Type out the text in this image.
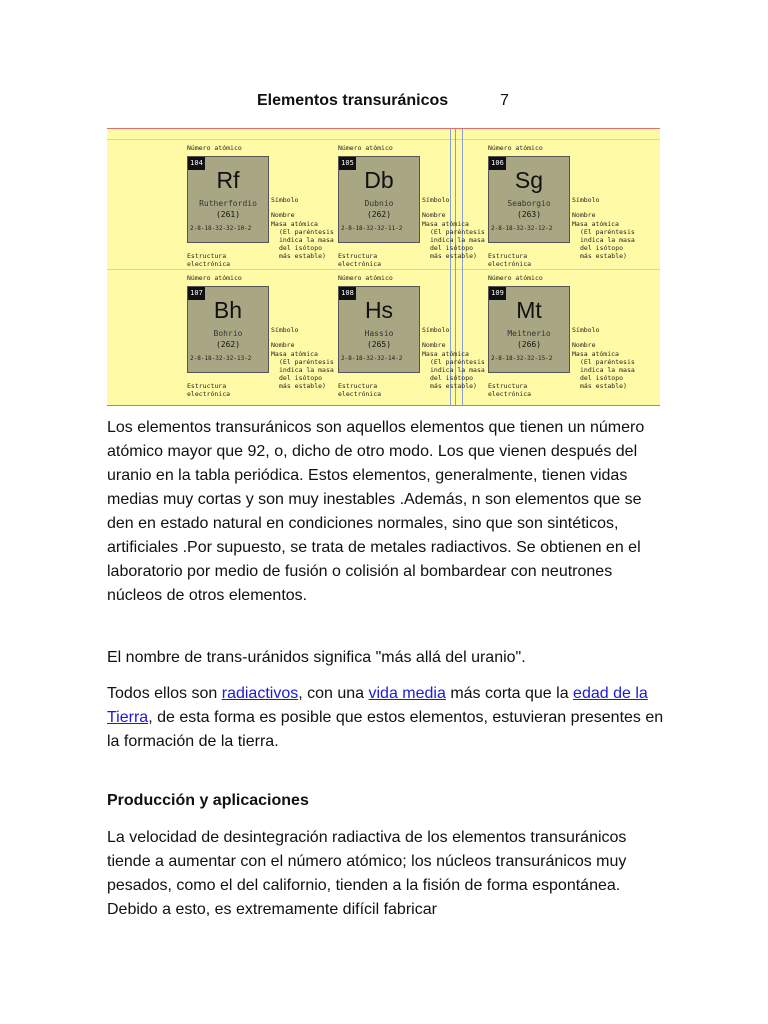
Elementos transuránicos	7
Número atómico
104
Rf
Rutherfordio
(261)
2-8-18-32-32-10-2
Símbolo
Nombre
Masa atómica
(El paréntesis
indica la masa
del isótopo
más estable)
Estructura
electrónica
Número atómico
105
Db
Dubnio
(262)
2-8-18-32-32-11-2
Símbolo
Nombre
Masa atómica
(El paréntesis
indica la masa
del isótopo
más estable)
Estructura
electrónica
Número atómico
106
Sg
Seaborgio
(263)
2-8-18-32-32-12-2
Símbolo
Nombre
Masa atómica
(El paréntesis
indica la masa
del isótopo
más estable)
Estructura
electrónica
Número atómico
107
Bh
Bohrio
(262)
2-8-18-32-32-13-2
Símbolo
Nombre
Masa atómica
(El paréntesis
indica la masa
del isótopo
más estable)
Estructura
electrónica
Número atómico
108
Hs
Hassio
(265)
2-8-18-32-32-14-2
Símbolo
Nombre
Masa atómica
(El paréntesis
indica la masa
del isótopo
más estable)
Estructura
electrónica
Número atómico
109
Mt
Meitnerio
(266)
2-8-18-32-32-15-2
Símbolo
Nombre
Masa atómica
(El paréntesis
indica la masa
del isótopo
más estable)
Estructura
electrónica

Los elementos transuránicos son aquellos elementos que tienen un número atómico mayor que 92, o, dicho de otro modo. Los que vienen después del uranio en la tabla periódica. Estos elementos, generalmente, tienen vidas medias muy cortas y son muy inestables .Además, n son elementos que se den en estado natural en condiciones normales, sino que son sintéticos, artificiales .Por supuesto, se trata de metales radiactivos. Se obtienen en el laboratorio por medio de fusión o colisión al bombardear con neutrones núcleos de otros elementos.

El nombre de trans-uránidos significa "más allá del uranio".

Todos ellos son radiactivos, con una vida media más corta que la edad de la Tierra, de esta forma es posible que estos elementos, estuvieran presentes en la formación de la tierra.

Producción y aplicaciones

La velocidad de desintegración radiactiva de los elementos transuránicos tiende a aumentar con el número atómico; los núcleos transuránicos muy pesados, como el del californio, tienden a la fisión de forma espontánea. Debido a esto, es extremamente difícil fabricar
